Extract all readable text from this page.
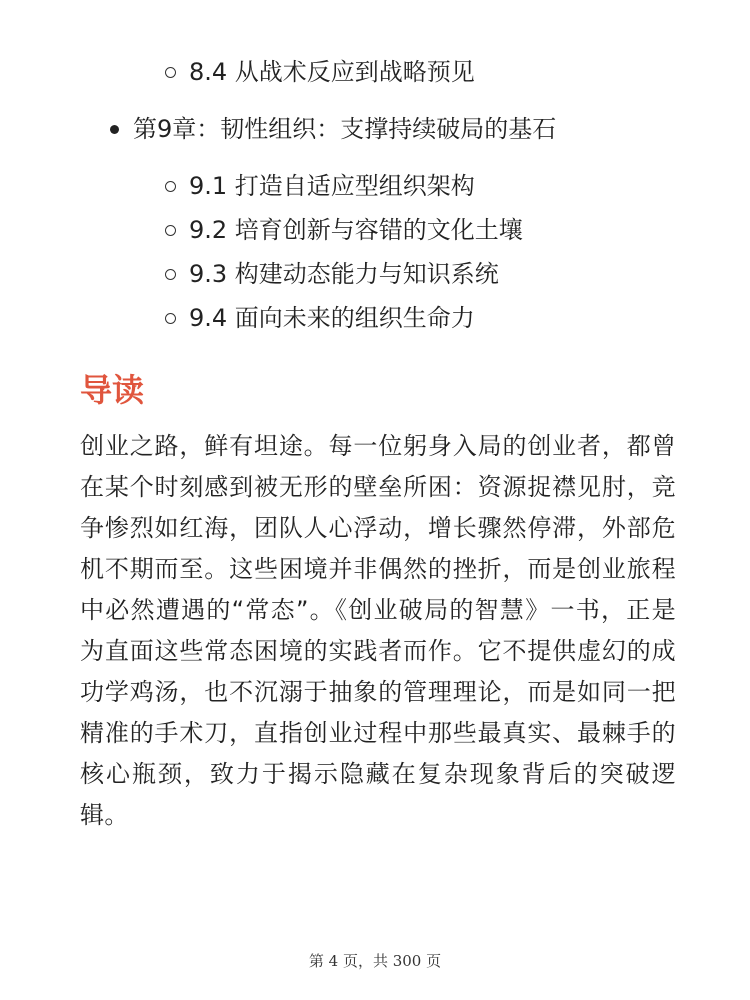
8.4 从战术反应到战略预见
第9章：韧性组织：支撑持续破局的基石
9.1 打造自适应型组织架构
9.2 培育创新与容错的文化土壤
9.3 构建动态能力与知识系统
9.4 面向未来的组织生命力
导读

创业之路，鲜有坦途。每一位躬身入局的创业者，都曾在某个时刻感到被无形的壁垒所困：资源捉襟见肘，竞争惨烈如红海，团队人心浮动，增长骤然停滞，外部危机不期而至。这些困境并非偶然的挫折，而是创业旅程中必然遭遇的“常态”。《创业破局的智慧》一书，正是为直面这些常态困境的实践者而作。它不提供虚幻的成功学鸡汤，也不沉溺于抽象的管理理论，而是如同一把精准的手术刀，直指创业过程中那些最真实、最棘手的核心瓶颈，致力于揭示隐藏在复杂现象背后的突破逻辑。

第 4 页，共 300 页
